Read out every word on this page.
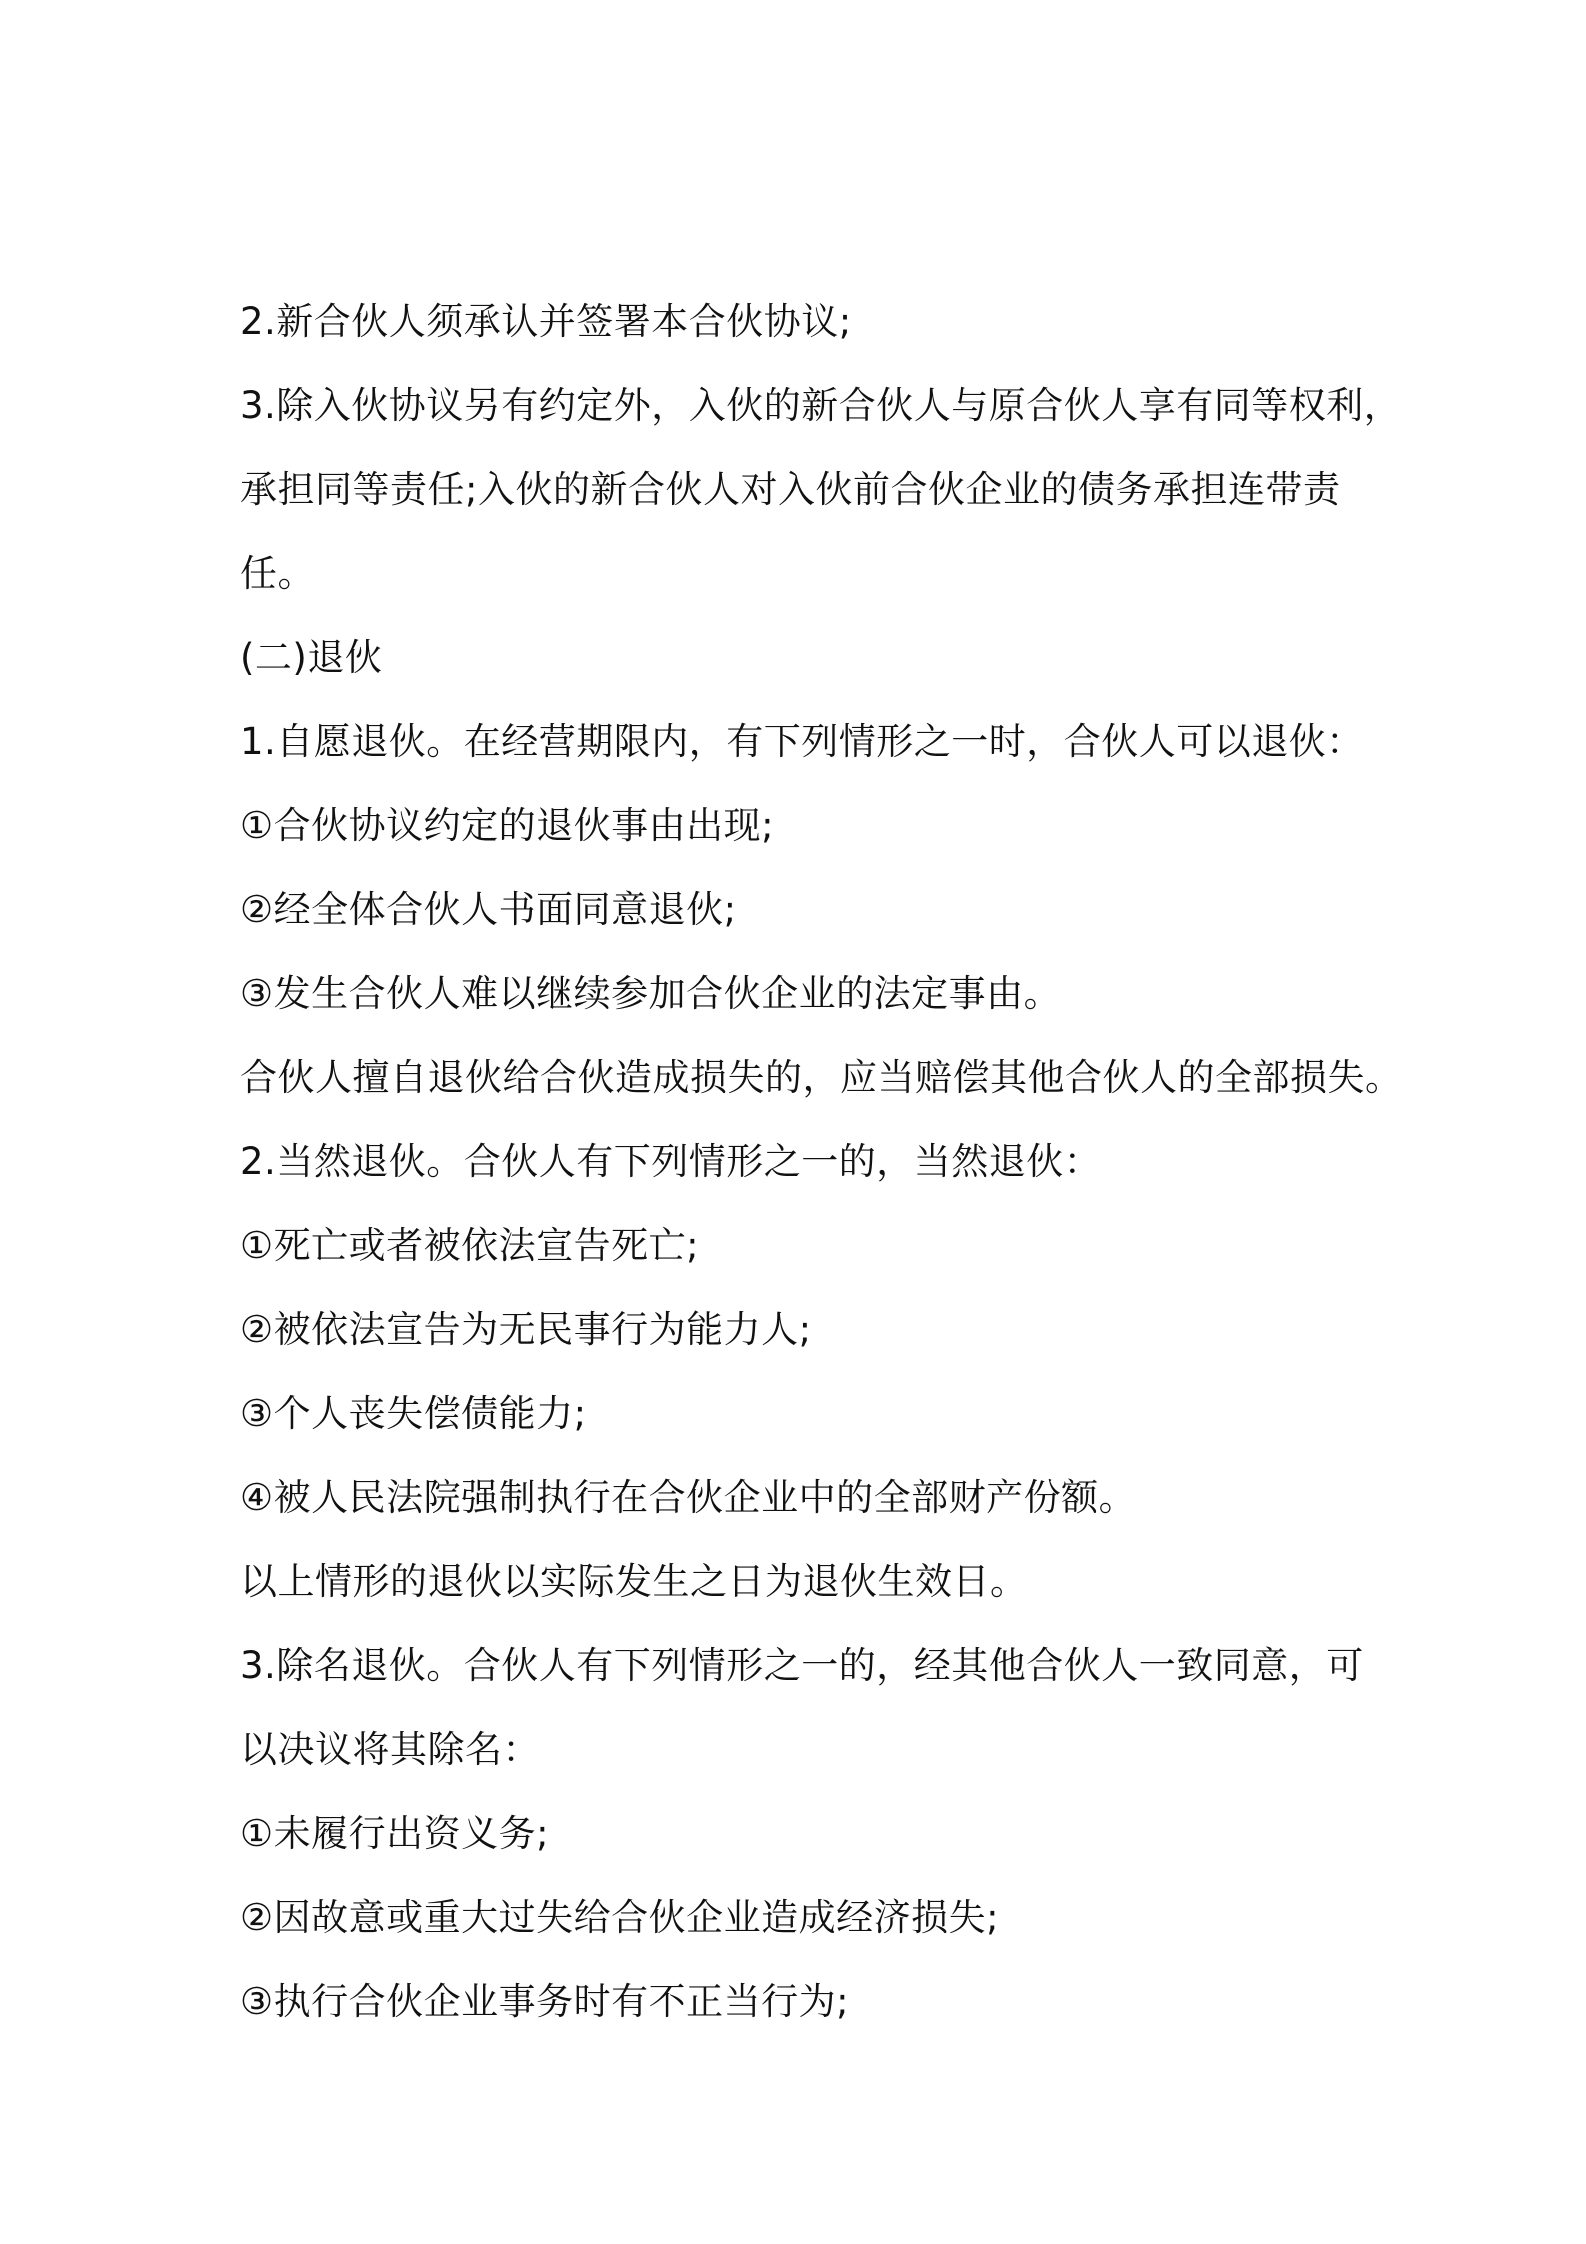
2.新合伙人须承认并签署本合伙协议;
3.除入伙协议另有约定外，入伙的新合伙人与原合伙人享有同等权利，
承担同等责任;入伙的新合伙人对入伙前合伙企业的债务承担连带责
任。
(二)退伙
1.自愿退伙。在经营期限内，有下列情形之一时，合伙人可以退伙：
①合伙协议约定的退伙事由出现;
②经全体合伙人书面同意退伙;
③发生合伙人难以继续参加合伙企业的法定事由。
合伙人擅自退伙给合伙造成损失的，应当赔偿其他合伙人的全部损失。
2.当然退伙。合伙人有下列情形之一的，当然退伙：
①死亡或者被依法宣告死亡;
②被依法宣告为无民事行为能力人;
③个人丧失偿债能力;
④被人民法院强制执行在合伙企业中的全部财产份额。
以上情形的退伙以实际发生之日为退伙生效日。
3.除名退伙。合伙人有下列情形之一的，经其他合伙人一致同意，可
以决议将其除名：
①未履行出资义务;
②因故意或重大过失给合伙企业造成经济损失;
③执行合伙企业事务时有不正当行为;
